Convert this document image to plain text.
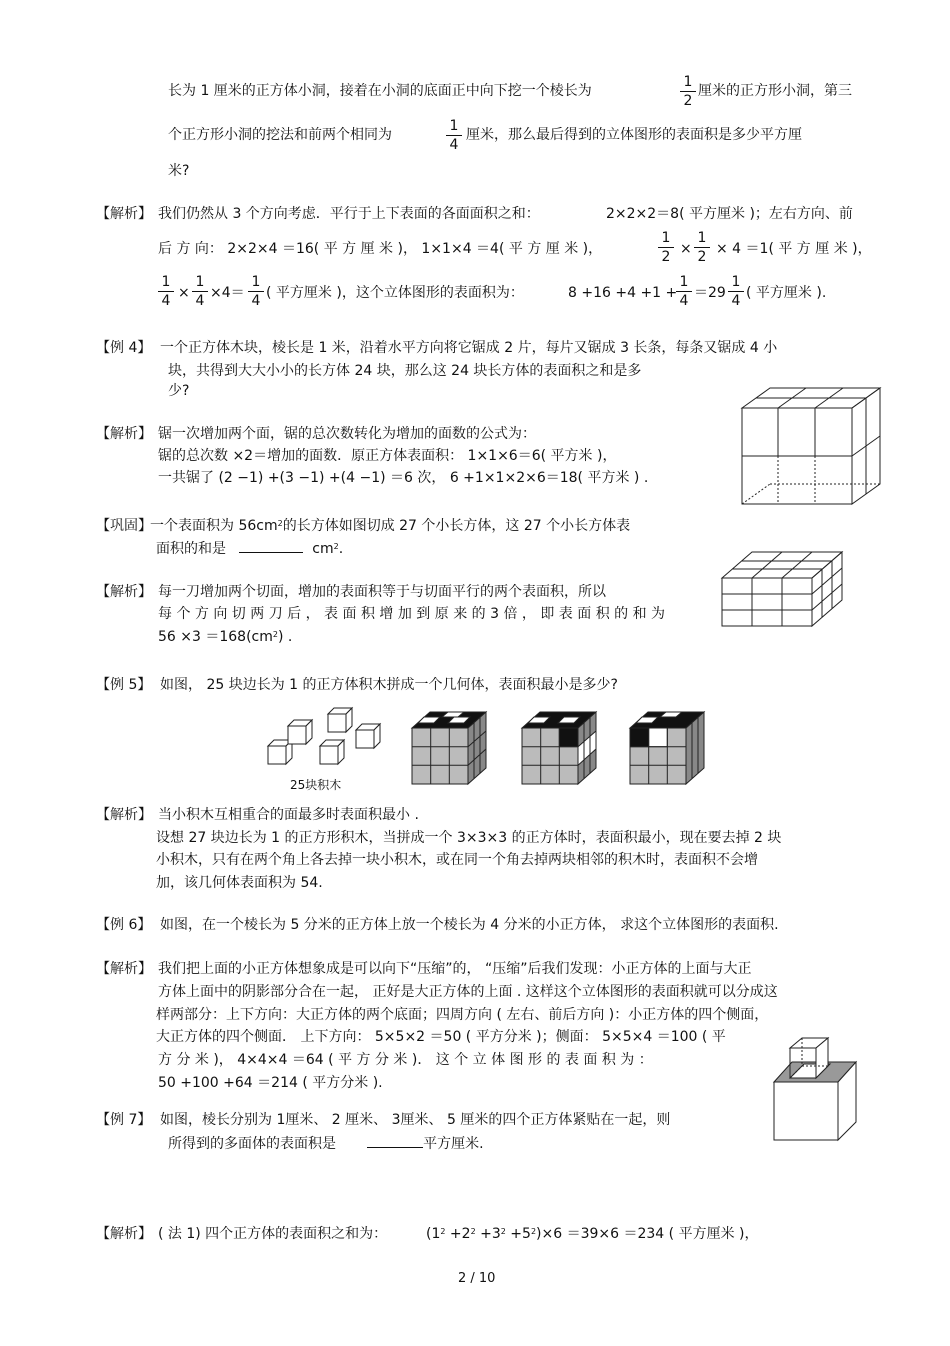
长为 1 厘米的正方体小洞，接着在小洞的底面正中向下挖一个棱长为
1
2
厘米的正方形小洞，第三
个正方形小洞的挖法和前两个相同为
1
4
厘米，那么最后得到的立体图形的表面积是多少平方厘
米?
【解析】 我们仍然从 3 个方向考虑．平行于上下表面的各面面积之和：	2×2×2＝8( 平方厘米 )；左右方向、前
后 方 向： 2×2×4 ＝16( 平 方 厘 米 )， 1×1×4 ＝4( 平 方 厘 米 )，
1
2 ×
1
2 × 4 ＝1( 平 方 厘 米 )，
1
4 ×
1
4 ×4＝
1
4 ( 平方厘米 )，这个立体图形的表面积为：	8 +16 +4 +1 +
1
4 ＝29
1
4 ( 平方厘米 ).
【例 4】 一个正方体木块，棱长是 1 米，沿着水平方向将它锯成 2 片，每片又锯成 3 长条，每条又锯成 4 小
块，共得到大大小小的长方体 24 块，那么这 24 块长方体的表面积之和是多
少?
【解析】 锯一次增加两个面，锯的总次数转化为增加的面数的公式为：
锯的总次数 ×2＝增加的面数．原正方体表面积： 1×1×6＝6( 平方米 )，
一共锯了 (2 −1) +(3 −1) +(4 −1) ＝6 次， 6 +1×1×2×6＝18( 平方米 ) .
【巩固】
一个表面积为 $56cm^2$的长方体如图切成 27 个小长方体，这 27 个小长方体表
面积的和是	$cm^2$.
【解析】 每一刀增加两个切面，增加的表面积等于与切面平行的两个表面积，所以
每 个 方 向 切 两 刀 后 ， 表 面 积 增 加 到 原 来 的 3 倍 ， 即 表 面 积 的 和 为
$56 \times 3 =168(cm^2)$ .
【例 5】 如图， 25 块边长为 1 的正方体积木拼成一个几何体，表面积最小是多少?
25块积木
【解析】 当小积木互相重合的面最多时表面积最小 .
设想 27 块边长为 1 的正方形积木，当拼成一个 3×3×3 的正方体时，表面积最小，现在要去掉 2 块
小积木，只有在两个角上各去掉一块小积木，或在同一个角去掉两块相邻的积木时，表面积不会增
加，该几何体表面积为 54.
【例 6】 如图，在一个棱长为 5 分米的正方体上放一个棱长为 4 分米的小正方体， 求这个立体图形的表面积.
【解析】 我们把上面的小正方体想象成是可以向下“压缩”的， “压缩”后我们发现：小正方体的上面与大正
方体上面中的阴影部分合在一起， 正好是大正方体的上面 . 这样这个立体图形的表面积就可以分成这
样两部分：上下方向：大正方体的两个底面；四周方向 ( 左右、前后方向 )：小正方体的四个侧面，
大正方体的四个侧面． 上下方向： 5×5×2 ＝50 ( 平方分米 )；侧面： 5×5×4 ＝100 ( 平
方 分 米 )， 4×4×4 ＝64 ( 平 方 分 米 )． 这 个 立 体 图 形 的 表 面 积 为 ：
50 +100 +64 ＝214 ( 平方分米 ).
【例 7】 如图，棱长分别为 1厘米、 2 厘米、 3厘米、 5 厘米的四个正方体紧贴在一起，则
所得到的多面体的表面积是	平方厘米.
【解析】 ( 法 1) 四个正方体的表面积之和为：	$(1^2 +2^2 +3^2 +5^2)\times 6 =39\times 6 =234$ ( 平方厘米 )，
2 / 10
